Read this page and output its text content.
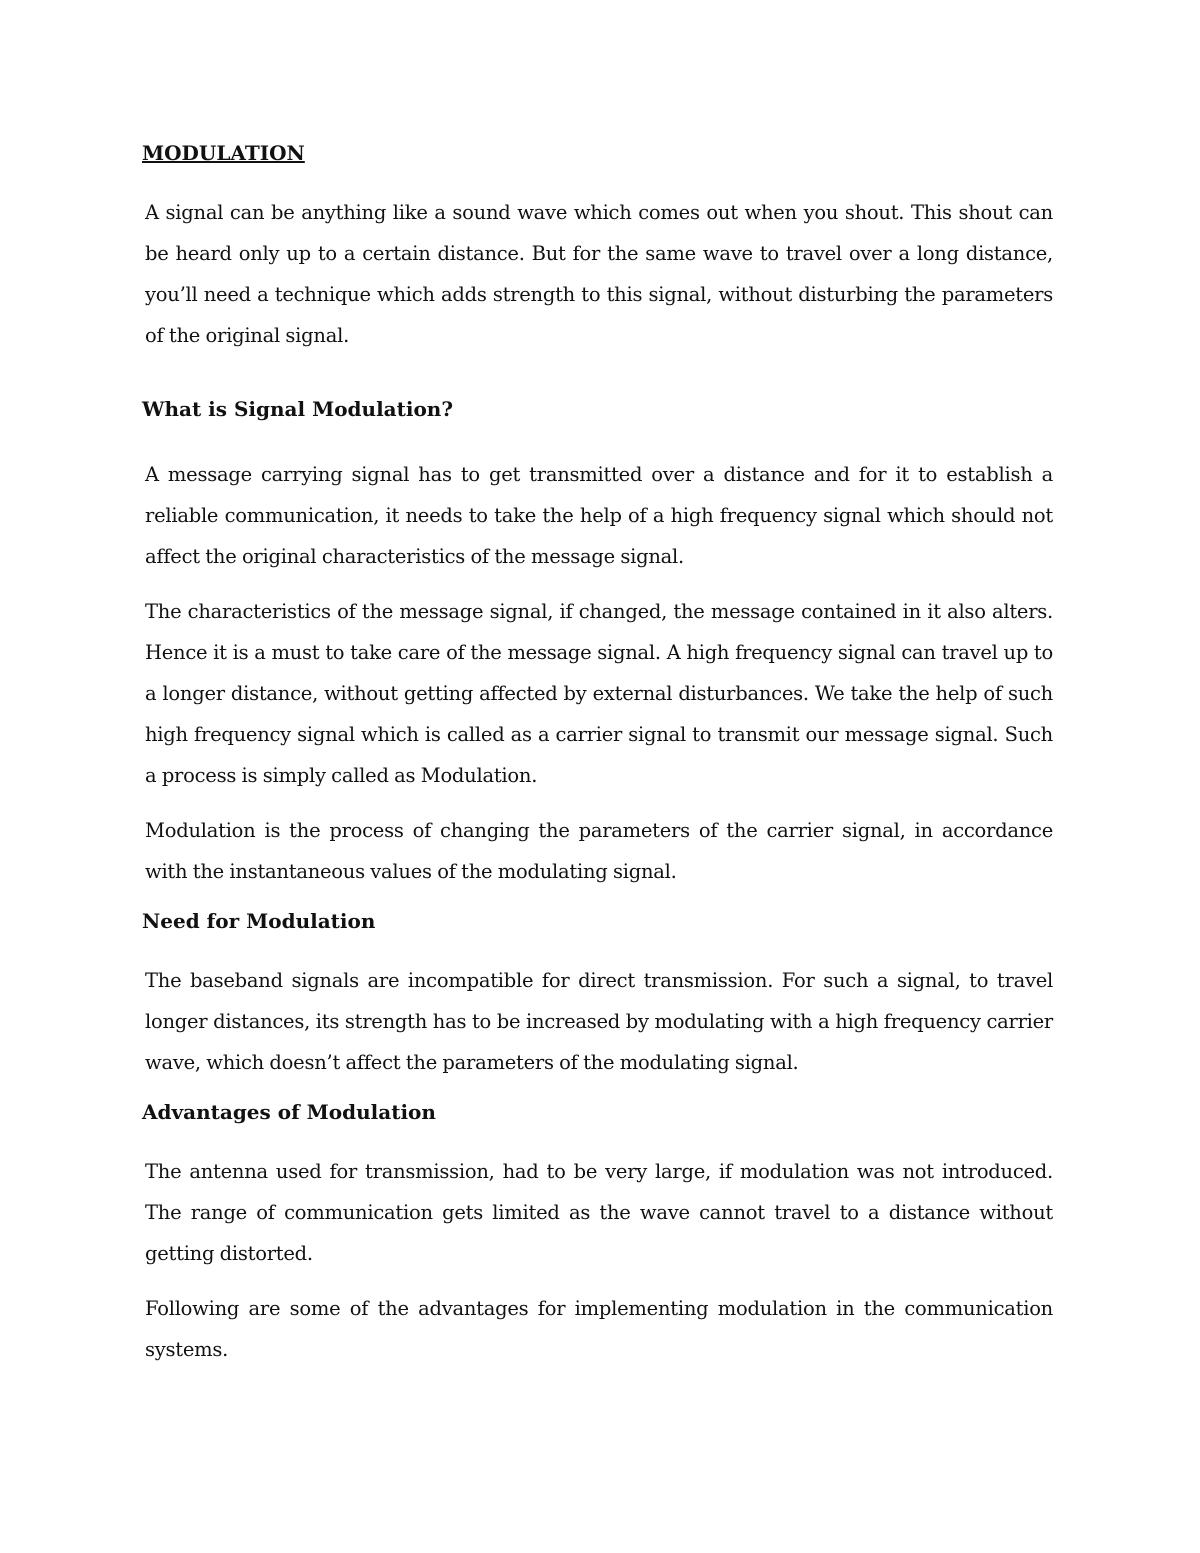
MODULATION

A signal can be anything like a sound wave which comes out when you shout. This shout can be heard only up to a certain distance. But for the same wave to travel over a long distance, you’ll need a technique which adds strength to this signal, without disturbing the parameters of the original signal.

What is Signal Modulation?

A message carrying signal has to get transmitted over a distance and for it to establish a reliable communication, it needs to take the help of a high frequency signal which should not affect the original characteristics of the message signal.

The characteristics of the message signal, if changed, the message contained in it also alters. Hence it is a must to take care of the message signal. A high frequency signal can travel up to a longer distance, without getting affected by external disturbances. We take the help of such high frequency signal which is called as a carrier signal to transmit our message signal. Such a process is simply called as Modulation.

Modulation is the process of changing the parameters of the carrier signal, in accordance with the instantaneous values of the modulating signal.

Need for Modulation

The baseband signals are incompatible for direct transmission. For such a signal, to travel longer distances, its strength has to be increased by modulating with a high frequency carrier wave, which doesn’t affect the parameters of the modulating signal.

Advantages of Modulation

The antenna used for transmission, had to be very large, if modulation was not introduced. The range of communication gets limited as the wave cannot travel to a distance without getting distorted.

Following are some of the advantages for implementing modulation in the communication systems.
